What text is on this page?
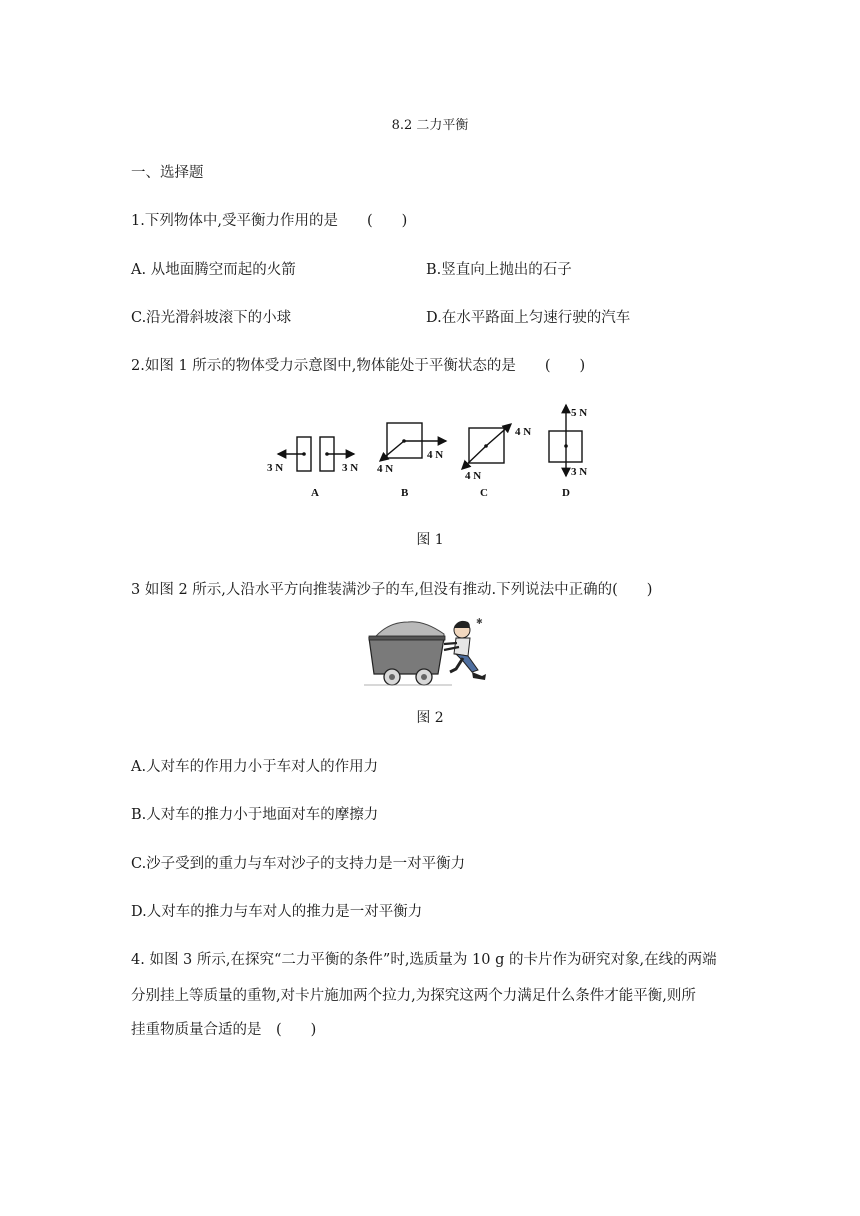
8.2 二力平衡
一、选择题
1.下列物体中,受平衡力作用的是　　(　　)
A. 从地面腾空而起的火箭	B.竖直向上抛出的石子
C.沿光滑斜坡滚下的小球	D.在水平路面上匀速行驶的汽车
2.如图 1 所示的物体受力示意图中,物体能处于平衡状态的是　　(　　)
3 N	3 N 4 N
4 N
4 N
4 N
5 N
3 N
A	B	C	D
图 1
3 如图 2 所示,人沿水平方向推装满沙子的车,但没有推动.下列说法中正确的(　　)
✱
图 2
A.人对车的作用力小于车对人的作用力
B.人对车的推力小于地面对车的摩擦力
C.沙子受到的重力与车对沙子的支持力是一对平衡力
D.人对车的推力与车对人的推力是一对平衡力
4. 如图 3 所示,在探究“二力平衡的条件”时,选质量为 10 g 的卡片作为研究对象,在线的两端
分别挂上等质量的重物,对卡片施加两个拉力,为探究这两个力满足什么条件才能平衡,则所
挂重物质量合适的是　(　　)
